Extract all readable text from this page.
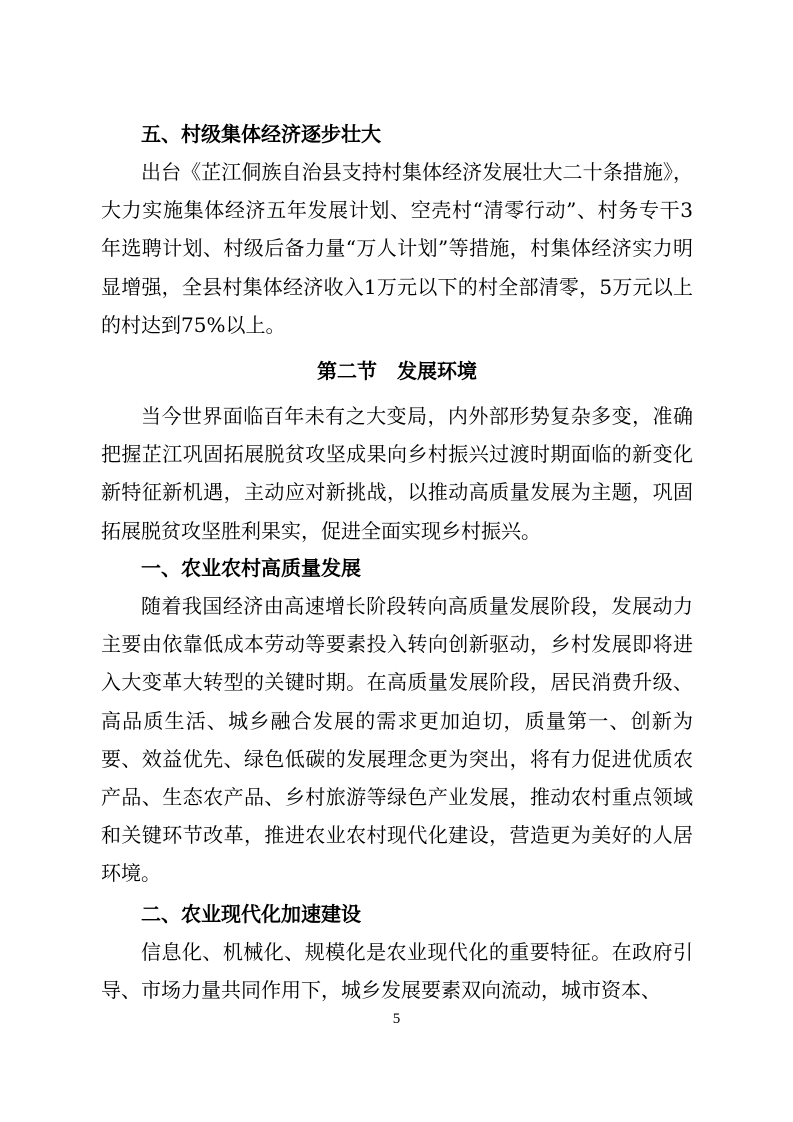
五、村级集体经济逐步壮大

出台《芷江侗族自治县支持村集体经济发展壮大二十条措施》，大力实施集体经济五年发展计划、空壳村“清零行动”、村务专干3年选聘计划、村级后备力量“万人计划”等措施，村集体经济实力明显增强，全县村集体经济收入1万元以下的村全部清零，5万元以上的村达到75%以上。

第二节　发展环境

当今世界面临百年未有之大变局，内外部形势复杂多变，准确把握芷江巩固拓展脱贫攻坚成果向乡村振兴过渡时期面临的新变化新特征新机遇，主动应对新挑战，以推动高质量发展为主题，巩固拓展脱贫攻坚胜利果实，促进全面实现乡村振兴。

一、农业农村高质量发展

随着我国经济由高速增长阶段转向高质量发展阶段，发展动力主要由依靠低成本劳动等要素投入转向创新驱动，乡村发展即将进入大变革大转型的关键时期。在高质量发展阶段，居民消费升级、高品质生活、城乡融合发展的需求更加迫切，质量第一、创新为要、效益优先、绿色低碳的发展理念更为突出，将有力促进优质农产品、生态农产品、乡村旅游等绿色产业发展，推动农村重点领域和关键环节改革，推进农业农村现代化建设，营造更为美好的人居环境。

二、农业现代化加速建设

信息化、机械化、规模化是农业现代化的重要特征。在政府引导、市场力量共同作用下，城乡发展要素双向流动，城市资本、

5
